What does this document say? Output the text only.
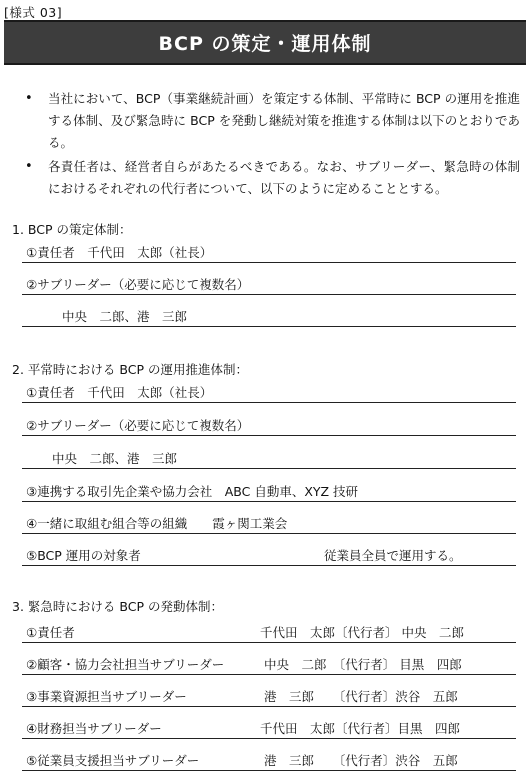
[様式 03]
BCP の策定・運用体制
• 当社において、BCP（事業継続計画）を策定する体制、平常時に BCP の運用を推進する体制、及び緊急時に BCP を発動し継続対策を推進する体制は以下のとおりである。
• 各責任者は、経営者自らがあたるべきである。なお、サブリーダー、緊急時の体制におけるそれぞれの代行者について、以下のように定めることとする。
1. BCP の策定体制：
①責任者　千代田　太郎（社長）
②サブリーダー（必要に応じて複数名）
中央　二郎、港　三郎
2. 平常時における BCP の運用推進体制：
①責任者　千代田　太郎（社長）
②サブリーダー（必要に応じて複数名）
中央　二郎、港　三郎
③連携する取引先企業や協力会社　ABC 自動車、XYZ 技研
④一緒に取組む組合等の組織　　霞ヶ関工業会
⑤BCP 運用の対象者	従業員全員で運用する。
3. 緊急時における BCP の発動体制：
①責任者	千代田　太郎〔代行者〕 中央　二郎
②顧客・協力会社担当サブリーダー	中央　二郎　〔代行者〕 目黒　四郎
③事業資源担当サブリーダー	港　三郎　　〔代行者〕渋谷　五郎
④財務担当サブリーダー	千代田　太郎〔代行者〕目黒　四郎
⑤従業員支援担当サブリーダー	港　三郎　　〔代行者〕渋谷　五郎
